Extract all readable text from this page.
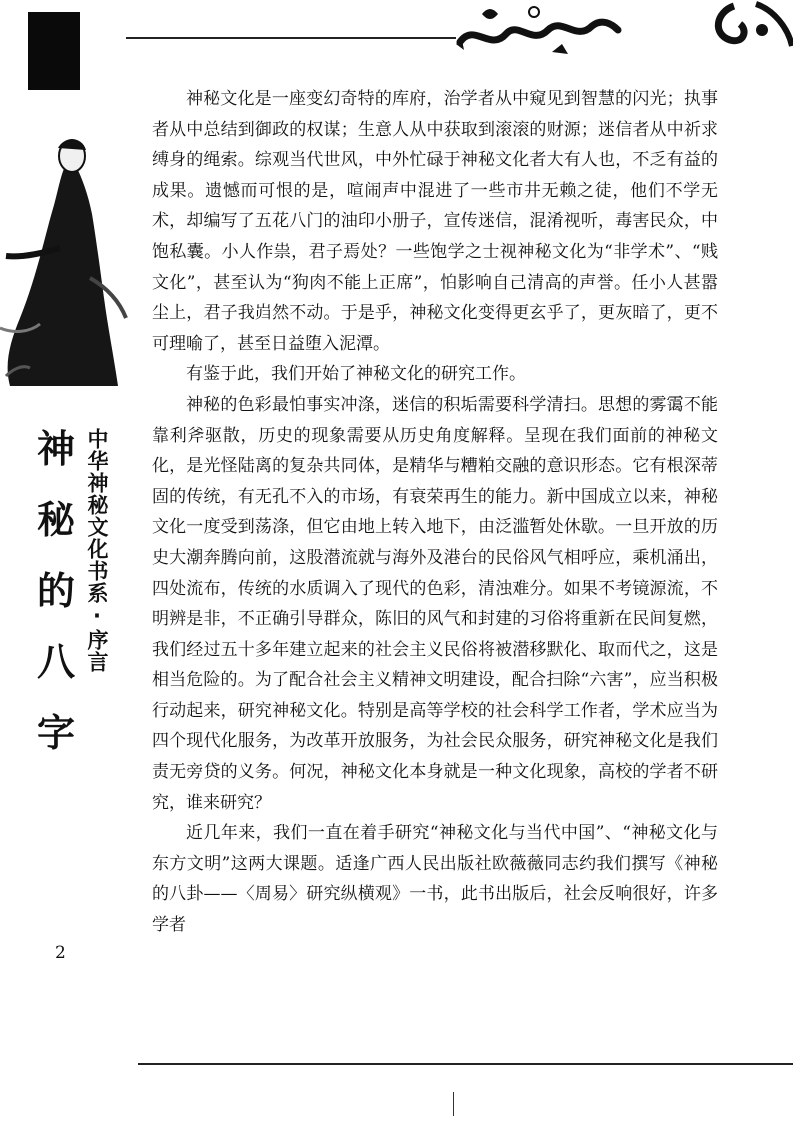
神
秘
的
八
字
中华神秘文化书系·序言
2

神秘文化是一座变幻奇特的库府，治学者从中窥见到智慧的闪光；执事者从中总结到御政的权谋；生意人从中获取到滚滚的财源；迷信者从中祈求缚身的绳索。综观当代世风，中外忙碌于神秘文化者大有人也，不乏有益的成果。遗憾而可恨的是，喧闹声中混进了一些市井无赖之徒，他们不学无术，却编写了五花八门的油印小册子，宣传迷信，混淆视听，毒害民众，中饱私囊。小人作祟，君子焉处？一些饱学之士视神秘文化为“非学术”、“贱文化”，甚至认为“狗肉不能上正席”，怕影响自己清高的声誉。任小人甚嚣尘上，君子我岿然不动。于是乎，神秘文化变得更玄乎了，更灰暗了，更不可理喻了，甚至日益堕入泥潭。

有鉴于此，我们开始了神秘文化的研究工作。

神秘的色彩最怕事实冲涤，迷信的积垢需要科学清扫。思想的雾霭不能靠利斧驱散，历史的现象需要从历史角度解释。呈现在我们面前的神秘文化，是光怪陆离的复杂共同体，是精华与糟粕交融的意识形态。它有根深蒂固的传统，有无孔不入的市场，有衰荣再生的能力。新中国成立以来，神秘文化一度受到荡涤，但它由地上转入地下，由泛滥暂处休歇。一旦开放的历史大潮奔腾向前，这股潜流就与海外及港台的民俗风气相呼应，乘机涌出，四处流布，传统的水质调入了现代的色彩，清浊难分。如果不考镜源流，不明辨是非，不正确引导群众，陈旧的风气和封建的习俗将重新在民间复燃，我们经过五十多年建立起来的社会主义民俗将被潜移默化、取而代之，这是相当危险的。为了配合社会主义精神文明建设，配合扫除“六害”，应当积极行动起来，研究神秘文化。特别是高等学校的社会科学工作者，学术应当为四个现代化服务，为改革开放服务，为社会民众服务，研究神秘文化是我们责无旁贷的义务。何况，神秘文化本身就是一种文化现象，高校的学者不研究，谁来研究？

近几年来，我们一直在着手研究“神秘文化与当代中国”、“神秘文化与东方文明”这两大课题。适逢广西人民出版社欧薇薇同志约我们撰写《神秘的八卦——〈周易〉研究纵横观》一书，此书出版后，社会反响很好，许多学者
